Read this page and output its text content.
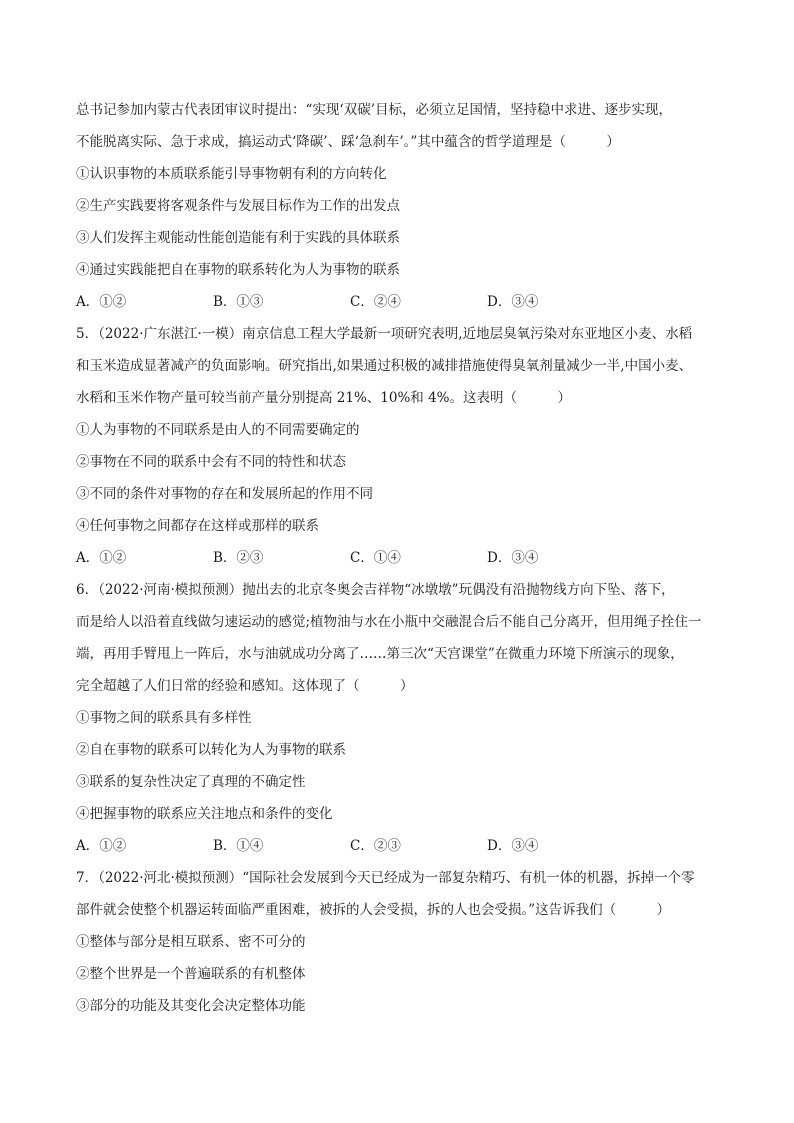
总书记参加内蒙古代表团审议时提出：“实现‘双碳’目标，必须立足国情，坚持稳中求进、逐步实现，
不能脱离实际、急于求成，搞运动式‘降碳’、踩‘急刹车’。”其中蕴含的哲学道理是（　　　）
①认识事物的本质联系能引导事物朝有利的方向转化
②生产实践要将客观条件与发展目标作为工作的出发点
③人们发挥主观能动性能创造能有利于实践的具体联系
④通过实践能把自在事物的联系转化为人为事物的联系
A．①②	B．①③	C．②④	D．③④
5．（2022·广东湛江·一模）南京信息工程大学最新一项研究表明,近地层臭氧污染对东亚地区小麦、水稻
和玉米造成显著减产的负面影响。研究指出,如果通过积极的减排措施使得臭氧剂量减少一半,中国小麦、
水稻和玉米作物产量可较当前产量分别提高 21%、10%和 4%。这表明（　　　）
①人为事物的不同联系是由人的不同需要确定的
②事物在不同的联系中会有不同的特性和状态
③不同的条件对事物的存在和发展所起的作用不同
④任何事物之间都存在这样或那样的联系
A．①②	B．②③	C．①④	D．③④
6．（2022·河南·模拟预测）抛出去的北京冬奥会吉祥物“冰墩墩”玩偶没有沿抛物线方向下坠、落下，
而是给人以沿着直线做匀速运动的感觉;植物油与水在小瓶中交融混合后不能自己分离开，但用绳子拴住一
端，再用手臂甩上一阵后，水与油就成功分离了……第三次“天宫课堂”在微重力环境下所演示的现象，
完全超越了人们日常的经验和感知。这体现了（　　　）
①事物之间的联系具有多样性
②自在事物的联系可以转化为人为事物的联系
③联系的复杂性决定了真理的不确定性
④把握事物的联系应关注地点和条件的变化
A．①②	B．①④	C．②③	D．③④
7．（2022·河北·模拟预测）“国际社会发展到今天已经成为一部复杂精巧、有机一体的机器，拆掉一个零
部件就会使整个机器运转面临严重困难，被拆的人会受损，拆的人也会受损。”这告诉我们（　　　）
①整体与部分是相互联系、密不可分的
②整个世界是一个普遍联系的有机整体
③部分的功能及其变化会决定整体功能
